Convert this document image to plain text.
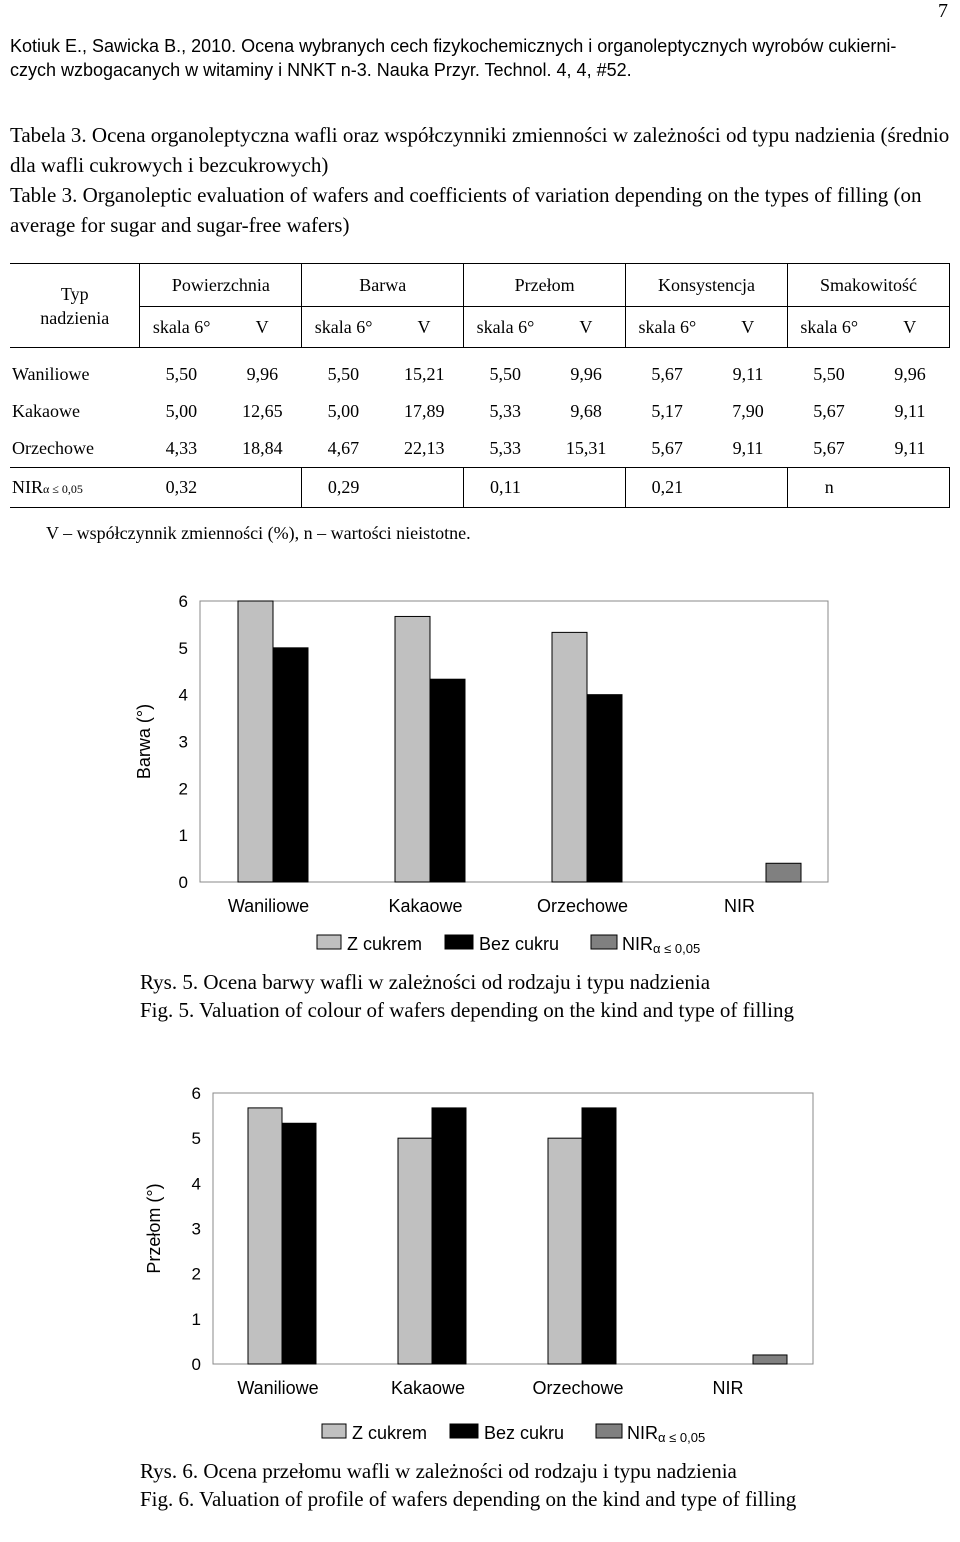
7
Kotiuk E., Sawicka B., 2010. Ocena wybranych cech fizykochemicznych i organoleptycznych wyrobów cukierni-
czych wzbogacanych w witaminy i NNKT n-3. Nauka Przyr. Technol. 4, 4, #52.

Tabela 3. Ocena organoleptyczna wafli oraz współczynniki zmienności w zależności od typu nadzienia (średnio dla wafli cukrowych i bezcukrowych)

Table 3. Organoleptic evaluation of wafers and coefficients of variation depending on the types of filling (on average for sugar and sugar-free wafers)

Typ
nadzienia	Powierzchnia		Barwa		Przełom		Konsystencja		Smakowitość	
	skala 6°	V	skala 6°	V	skala 6°	V	skala 6°	V	skala 6°	V
Waniliowe	5,50	9,96	5,50	15,21	5,50	9,96	5,67	9,11	5,50	9,96
Kakaowe	5,00	12,65	5,00	17,89	5,33	9,68	5,17	7,90	5,67	9,11
Orzechowe	4,33	18,84	4,67	22,13	5,33	15,31	5,67	9,11	5,67	9,11
NIRα ≤ 0,05	0,32		0,29		0,11		0,21		n	
V – współczynnik zmienności (%), n – wartości nieistotne.
0
1
2
3
4
5
6
Barwa (°)
Waniliowe	Kakaowe	Orzechowe	NIR
Z cukrem	Bez cukru	NIRα ≤ 0,05

Rys. 5. Ocena barwy wafli w zależności od rodzaju i typu nadzienia

Fig. 5. Valuation of colour of wafers depending on the kind and type of filling

0
1
2
3
4
5
6
Przełom (°)
Waniliowe	Kakaowe	Orzechowe	NIR
Z cukrem	Bez cukru	NIRα ≤ 0,05

Rys. 6. Ocena przełomu wafli w zależności od rodzaju i typu nadzienia

Fig. 6. Valuation of profile of wafers depending on the kind and type of filling
